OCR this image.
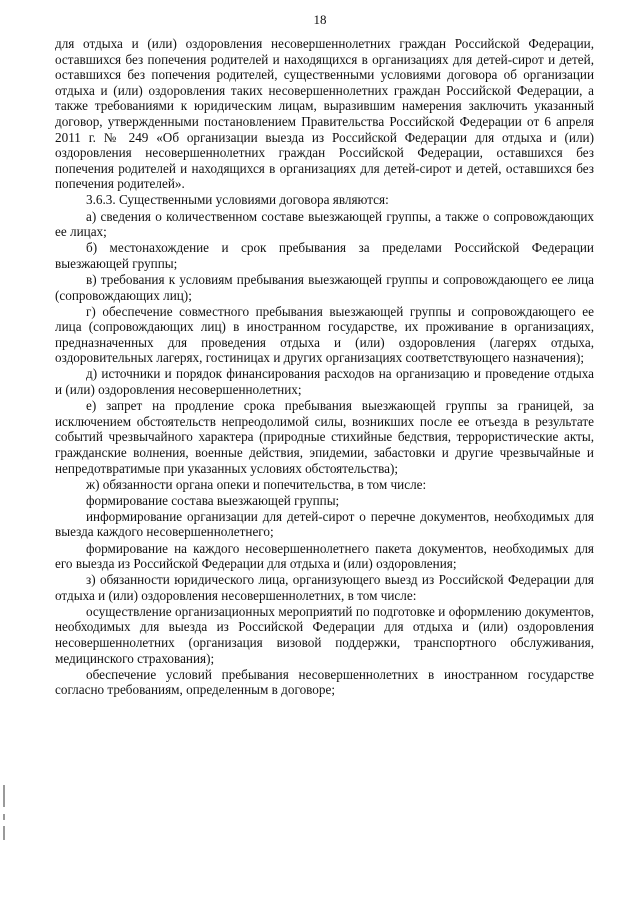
18

для отдыха и (или) оздоровления несовершеннолетних граждан Российской Федерации, оставшихся без попечения родителей и находящихся в организациях для детей-сирот и детей, оставшихся без попечения родителей, существенными условиями договора об организации отдыха и (или) оздоровления таких несовершеннолетних граждан Российской Федерации, а также требованиями к юридическим лицам, выразившим намерения заключить указанный договор, утвержденными постановлением Правительства Российской Федерации от 6 апреля 2011 г. № 249 «Об организации выезда из Российской Федерации для отдыха и (или) оздоровления несовершеннолетних граждан Российской Федерации, оставшихся без попечения родителей и находящихся в организациях для детей-сирот и детей, оставшихся без попечения родителей».

3.6.3. Существенными условиями договора являются:

а) сведения о количественном составе выезжающей группы, а также о сопровождающих ее лицах;

б) местонахождение и срок пребывания за пределами Российской Федерации выезжающей группы;

в) требования к условиям пребывания выезжающей группы и сопровождающего ее лица (сопровождающих лиц);

г) обеспечение совместного пребывания выезжающей группы и сопровождающего ее лица (сопровождающих лиц) в иностранном государстве, их проживание в организациях, предназначенных для проведения отдыха и (или) оздоровления (лагерях отдыха, оздоровительных лагерях, гостиницах и других организациях соответствующего назначения);

д) источники и порядок финансирования расходов на организацию и проведение отдыха и (или) оздоровления несовершеннолетних;

е) запрет на продление срока пребывания выезжающей группы за границей, за исключением обстоятельств непреодолимой силы, возникших после ее отъезда в результате событий чрезвычайного характера (природные стихийные бедствия, террористические акты, гражданские волнения, военные действия, эпидемии, забастовки и другие чрезвычайные и непредотвратимые при указанных условиях обстоятельства);

ж) обязанности органа опеки и попечительства, в том числе:

формирование состава выезжающей группы;

информирование организации для детей-сирот о перечне документов, необходимых для выезда каждого несовершеннолетнего;

формирование на каждого несовершеннолетнего пакета документов, необходимых для его выезда из Российской Федерации для отдыха и (или) оздоровления;

з) обязанности юридического лица, организующего выезд из Российской Федерации для отдыха и (или) оздоровления несовершеннолетних, в том числе:

осуществление организационных мероприятий по подготовке и оформлению документов, необходимых для выезда из Российской Федерации для отдыха и (или) оздоровления несовершеннолетних (организация визовой поддержки, транспортного обслуживания, медицинского страхования);

обеспечение условий пребывания несовершеннолетних в иностранном государстве согласно требованиям, определенным в договоре;
